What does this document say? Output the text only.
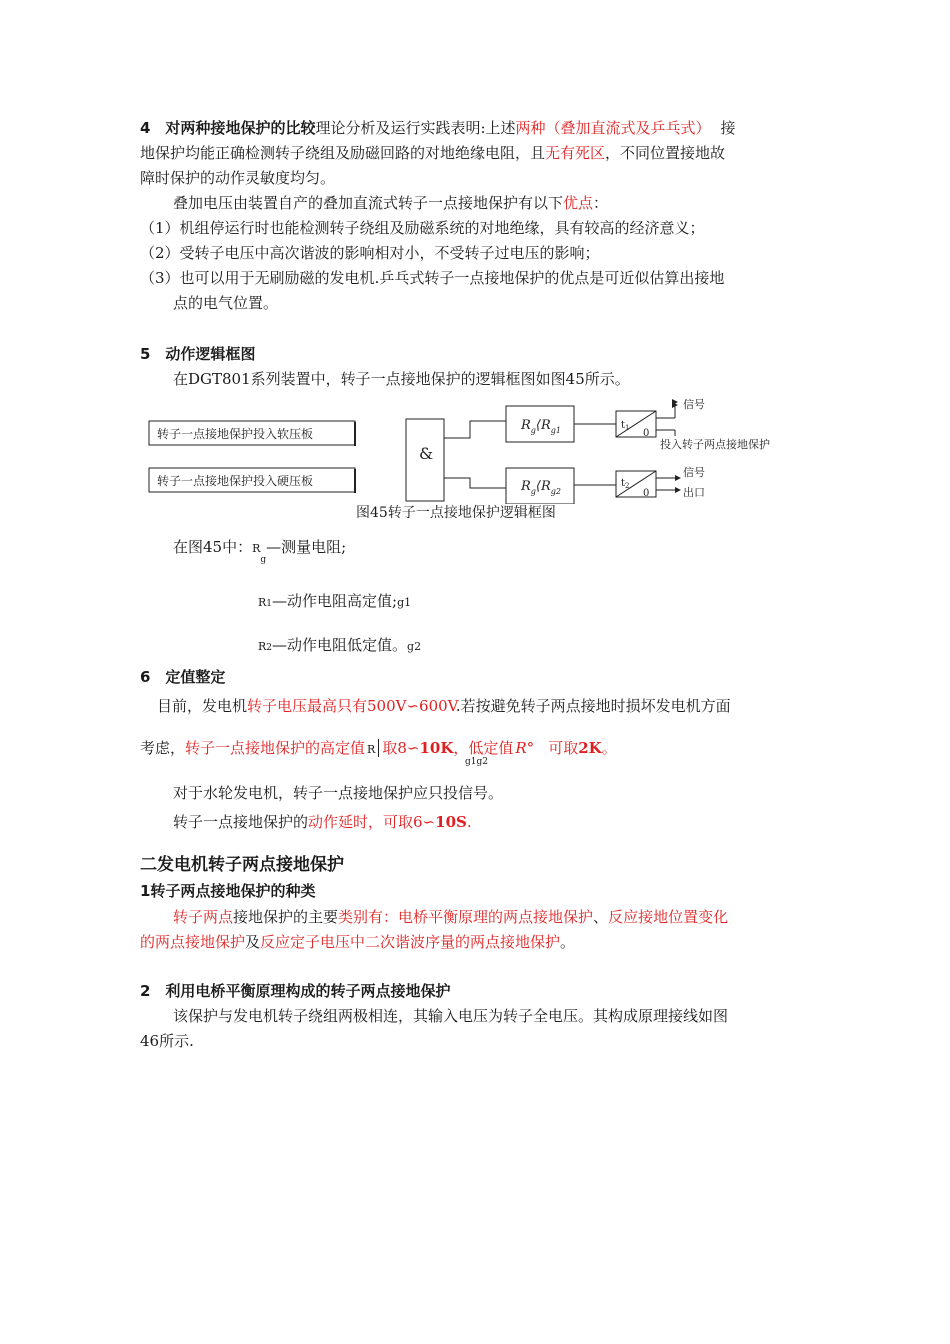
4　对两种接地保护的比较理论分析及运行实践表明:上述两种（叠加直流式及乒乓式） 接
地保护均能正确检测转子绕组及励磁回路的对地绝缘电阻，且无有死区，不同位置接地故
障时保护的动作灵敏度均匀。
叠加电压由装置自产的叠加直流式转子一点接地保护有以下优点：
（1）机组停运行时也能检测转子绕组及励磁系统的对地绝缘，具有较高的经济意义；
（2）受转子电压中高次谐波的影响相对小，不受转子过电压的影响；
（3）也可以用于无刷励磁的发电机.乒乓式转子一点接地保护的优点是可近似估算出接地
点的电气位置。
5　动作逻辑框图
在DGT801系列装置中，转子一点接地保护的逻辑框图如图45所示。
转子一点接地保护投入软压板
转子一点接地保护投入硬压板
&
$R_g⟨R_{g1}$
$R_g⟨R_{g2}$
$t_1$ 0
$t_2$
0
信号
投入转子两点接地保护
信号
出口
图45转子一点接地保护逻辑框图
在图45中：$R_g—$测量电阻;
R1—动作电阻高定值;g1
R2—动作电阻低定值。g2
6　定值整定
目前，发电机转子电压最高只有500V∽600V.若按避免转子两点接地时损坏发电机方面
考虑，转子一点接地保护的高定值 R 取8∽10K，低定值 R° 可取2K。
g1g2
对于水轮发电机，转子一点接地保护应只投信号。
转子一点接地保护的动作延时，可取6∽10S.
二发电机转子两点接地保护
1转子两点接地保护的种类
转子两点接地保护的主要类别有：电桥平衡原理的两点接地保护、反应接地位置变化
的两点接地保护及反应定子电压中二次谐波序量的两点接地保护。
2　利用电桥平衡原理构成的转子两点接地保护
该保护与发电机转子绕组两极相连，其输入电压为转子全电压。其构成原理接线如图
46所示.
